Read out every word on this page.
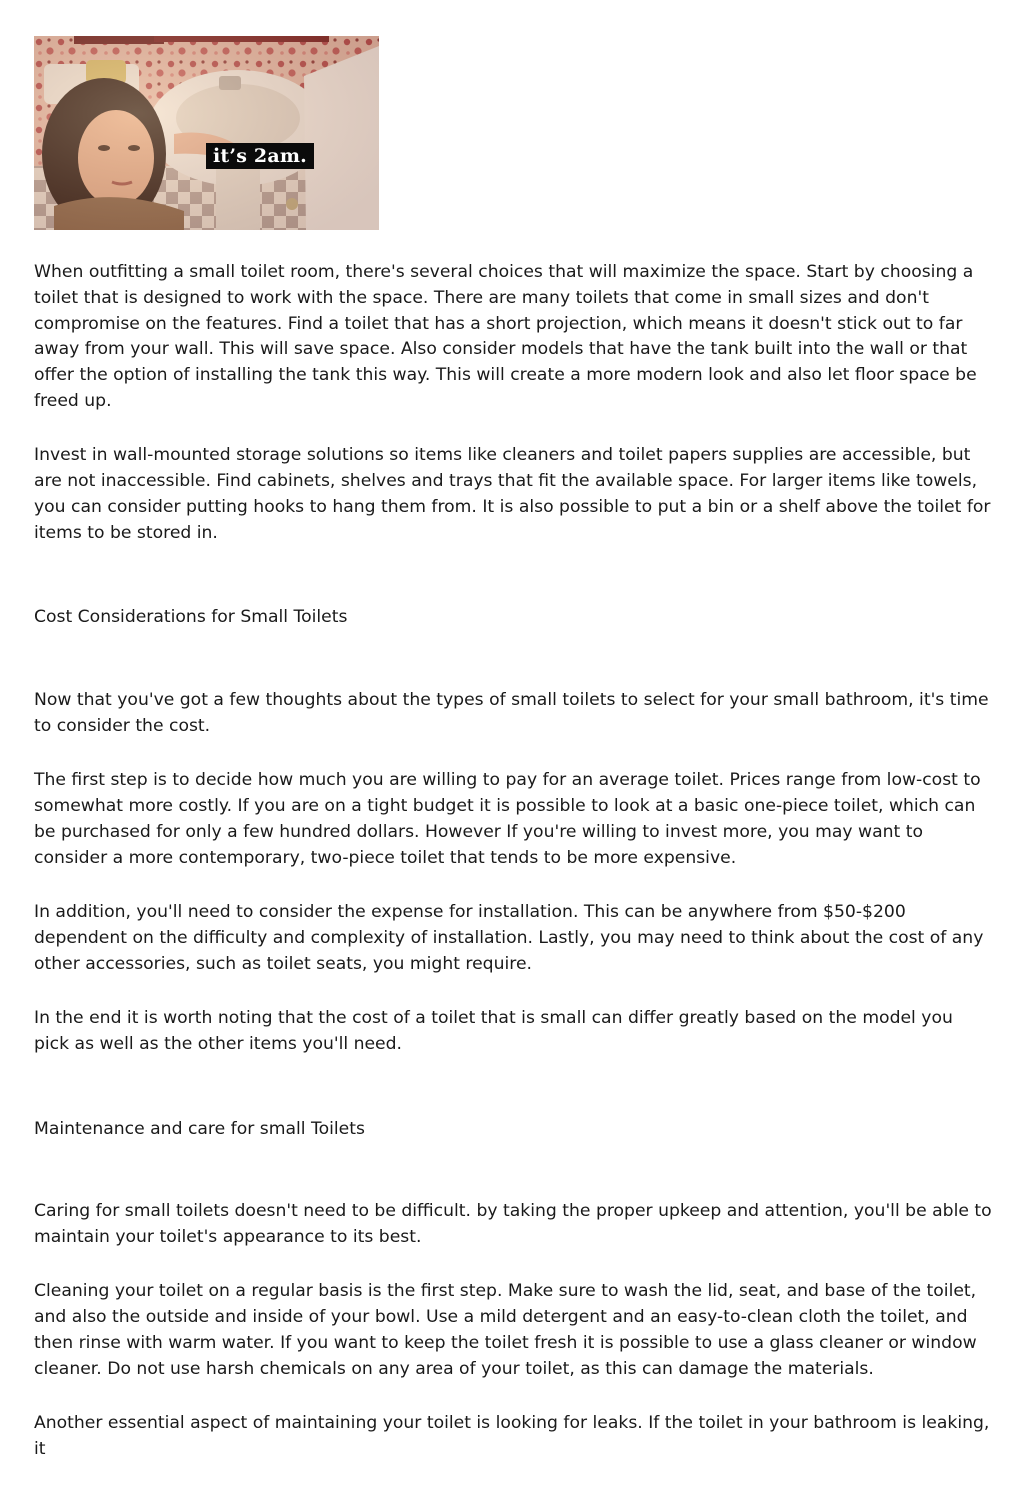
it’s 2am.

When outfitting a small toilet room, there's several choices that will maximize the space. Start by choosing a toilet that is designed to work with the space. There are many toilets that come in small sizes and don't compromise on the features. Find a toilet that has a short projection, which means it doesn't stick out to far away from your wall. This will save space. Also consider models that have the tank built into the wall or that offer the option of installing the tank this way. This will create a more modern look and also let floor space be freed up.

Invest in wall-mounted storage solutions so items like cleaners and toilet papers supplies are accessible, but are not inaccessible. Find cabinets, shelves and trays that fit the available space. For larger items like towels, you can consider putting hooks to hang them from. It is also possible to put a bin or a shelf above the toilet for items to be stored in.

Cost Considerations for Small Toilets

Now that you've got a few thoughts about the types of small toilets to select for your small bathroom, it's time to consider the cost.

The first step is to decide how much you are willing to pay for an average toilet. Prices range from low-cost to somewhat more costly. If you are on a tight budget it is possible to look at a basic one-piece toilet, which can be purchased for only a few hundred dollars. However If you're willing to invest more, you may want to consider a more contemporary, two-piece toilet that tends to be more expensive.

In addition, you'll need to consider the expense for installation. This can be anywhere from $50-$200 dependent on the difficulty and complexity of installation. Lastly, you may need to think about the cost of any other accessories, such as toilet seats, you might require.

In the end it is worth noting that the cost of a toilet that is small can differ greatly based on the model you pick as well as the other items you'll need.

Maintenance and care for small Toilets

Caring for small toilets doesn't need to be difficult. by taking the proper upkeep and attention, you'll be able to maintain your toilet's appearance to its best.

Cleaning your toilet on a regular basis is the first step. Make sure to wash the lid, seat, and base of the toilet, and also the outside and inside of your bowl. Use a mild detergent and an easy-to-clean cloth the toilet, and then rinse with warm water. If you want to keep the toilet fresh it is possible to use a glass cleaner or window cleaner. Do not use harsh chemicals on any area of your toilet, as this can damage the materials.

Another essential aspect of maintaining your toilet is looking for leaks. If the toilet in your bathroom is leaking, it
